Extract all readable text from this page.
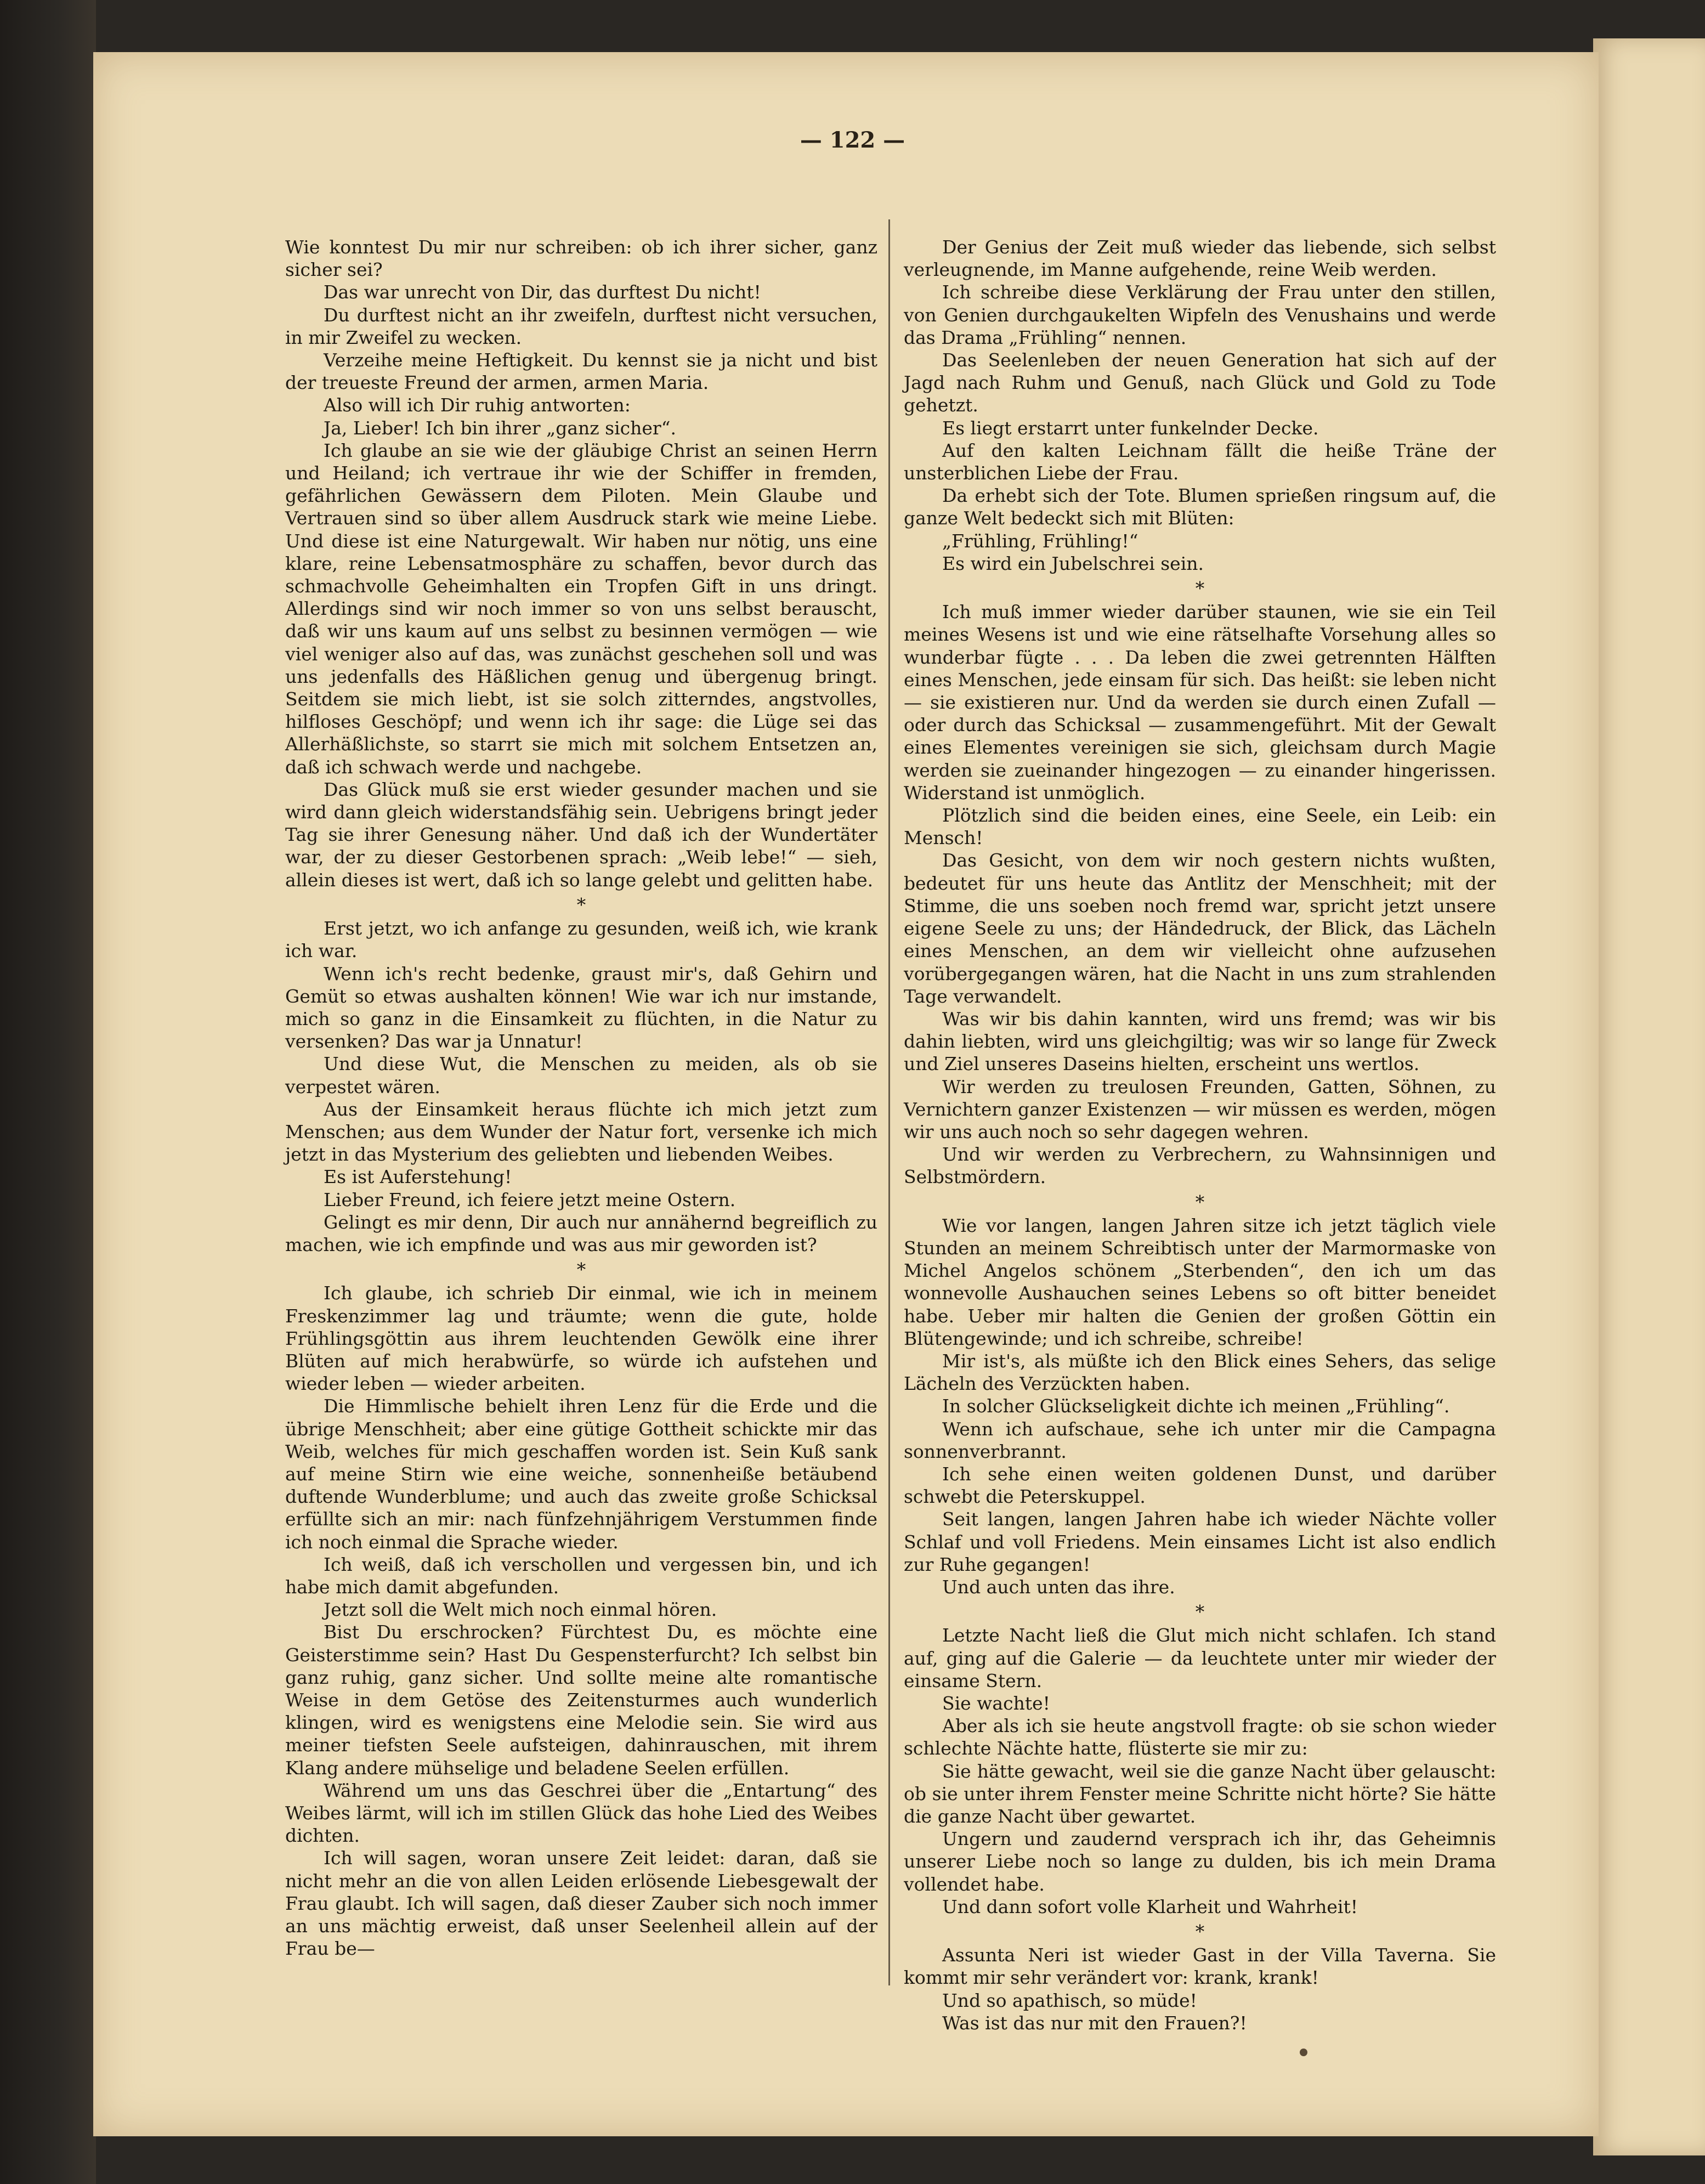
— 122 —

Wie konntest Du mir nur schreiben: ob ich ihrer sicher, ganz sicher sei?

Das war unrecht von Dir, das durftest Du nicht!

Du durftest nicht an ihr zweifeln, durftest nicht versuchen, in mir Zweifel zu wecken.

Verzeihe meine Heftigkeit. Du kennst sie ja nicht und bist der treueste Freund der armen, armen Maria.

Also will ich Dir ruhig antworten:

Ja, Lieber! Ich bin ihrer „ganz sicher“.

Ich glaube an sie wie der gläubige Christ an seinen Herrn und Heiland; ich vertraue ihr wie der Schiffer in fremden, gefährlichen Gewässern dem Piloten. Mein Glaube und Vertrauen sind so über allem Ausdruck stark wie meine Liebe. Und diese ist eine Naturgewalt. Wir haben nur nötig, uns eine klare, reine Lebensatmosphäre zu schaffen, bevor durch das schmachvolle Geheimhalten ein Tropfen Gift in uns dringt. Allerdings sind wir noch immer so von uns selbst berauscht, daß wir uns kaum auf uns selbst zu besinnen vermögen — wie viel weniger also auf das, was zunächst geschehen soll und was uns jedenfalls des Häßlichen genug und übergenug bringt. Seitdem sie mich liebt, ist sie solch zitterndes, angstvolles, hilfloses Geschöpf; und wenn ich ihr sage: die Lüge sei das Allerhäßlichste, so starrt sie mich mit solchem Entsetzen an, daß ich schwach werde und nachgebe.

Das Glück muß sie erst wieder gesunder machen und sie wird dann gleich widerstandsfähig sein. Uebrigens bringt jeder Tag sie ihrer Genesung näher. Und daß ich der Wundertäter war, der zu dieser Gestorbenen sprach: „Weib lebe!“ — sieh, allein dieses ist wert, daß ich so lange gelebt und gelitten habe.

*

Erst jetzt, wo ich anfange zu gesunden, weiß ich, wie krank ich war.

Wenn ich's recht bedenke, graust mir's, daß Gehirn und Gemüt so etwas aushalten können! Wie war ich nur imstande, mich so ganz in die Einsamkeit zu flüchten, in die Natur zu versenken? Das war ja Unnatur!

Und diese Wut, die Menschen zu meiden, als ob sie verpestet wären.

Aus der Einsamkeit heraus flüchte ich mich jetzt zum Menschen; aus dem Wunder der Natur fort, versenke ich mich jetzt in das Mysterium des geliebten und liebenden Weibes.

Es ist Auferstehung!

Lieber Freund, ich feiere jetzt meine Ostern.

Gelingt es mir denn, Dir auch nur annähernd begreiflich zu machen, wie ich empfinde und was aus mir geworden ist?

*

Ich glaube, ich schrieb Dir einmal, wie ich in meinem Freskenzimmer lag und träumte; wenn die gute, holde Frühlingsgöttin aus ihrem leuchtenden Gewölk eine ihrer Blüten auf mich herabwürfe, so würde ich aufstehen und wieder leben — wieder arbeiten.

Die Himmlische behielt ihren Lenz für die Erde und die übrige Menschheit; aber eine gütige Gottheit schickte mir das Weib, welches für mich geschaffen worden ist. Sein Kuß sank auf meine Stirn wie eine weiche, sonnenheiße betäubend duftende Wunderblume; und auch das zweite große Schicksal erfüllte sich an mir: nach fünfzehnjährigem Verstummen finde ich noch einmal die Sprache wieder.

Ich weiß, daß ich verschollen und vergessen bin, und ich habe mich damit abgefunden.

Jetzt soll die Welt mich noch einmal hören.

Bist Du erschrocken? Fürchtest Du, es möchte eine Geisterstimme sein? Hast Du Gespensterfurcht? Ich selbst bin ganz ruhig, ganz sicher. Und sollte meine alte romantische Weise in dem Getöse des Zeitensturmes auch wunderlich klingen, wird es wenigstens eine Melodie sein. Sie wird aus meiner tiefsten Seele aufsteigen, dahinrauschen, mit ihrem Klang andere mühselige und beladene Seelen erfüllen.

Während um uns das Geschrei über die „Entartung“ des Weibes lärmt, will ich im stillen Glück das hohe Lied des Weibes dichten.

Ich will sagen, woran unsere Zeit leidet: daran, daß sie nicht mehr an die von allen Leiden erlösende Liebesgewalt der Frau glaubt. Ich will sagen, daß dieser Zauber sich noch immer an uns mächtig erweist, daß unser Seelenheil allein auf der Frau be—

Der Genius der Zeit muß wieder das liebende, sich selbst verleugnende, im Manne aufgehende, reine Weib werden.

Ich schreibe diese Verklärung der Frau unter den stillen, von Genien durchgaukelten Wipfeln des Venushains und werde das Drama „Frühling“ nennen.

Das Seelenleben der neuen Generation hat sich auf der Jagd nach Ruhm und Genuß, nach Glück und Gold zu Tode gehetzt.

Es liegt erstarrt unter funkelnder Decke.

Auf den kalten Leichnam fällt die heiße Träne der unsterblichen Liebe der Frau.

Da erhebt sich der Tote. Blumen sprießen ringsum auf, die ganze Welt bedeckt sich mit Blüten:

„Frühling, Frühling!“

Es wird ein Jubelschrei sein.

*

Ich muß immer wieder darüber staunen, wie sie ein Teil meines Wesens ist und wie eine rätselhafte Vorsehung alles so wunderbar fügte . . . Da leben die zwei getrennten Hälften eines Menschen, jede einsam für sich. Das heißt: sie leben nicht — sie existieren nur. Und da werden sie durch einen Zufall — oder durch das Schicksal — zusammengeführt. Mit der Gewalt eines Elementes vereinigen sie sich, gleichsam durch Magie werden sie zueinander hingezogen — zu einander hingerissen. Widerstand ist unmöglich.

Plötzlich sind die beiden eines, eine Seele, ein Leib: ein Mensch!

Das Gesicht, von dem wir noch gestern nichts wußten, bedeutet für uns heute das Antlitz der Menschheit; mit der Stimme, die uns soeben noch fremd war, spricht jetzt unsere eigene Seele zu uns; der Händedruck, der Blick, das Lächeln eines Menschen, an dem wir vielleicht ohne aufzusehen vorübergegangen wären, hat die Nacht in uns zum strahlenden Tage verwandelt.

Was wir bis dahin kannten, wird uns fremd; was wir bis dahin liebten, wird uns gleichgiltig; was wir so lange für Zweck und Ziel unseres Daseins hielten, erscheint uns wertlos.

Wir werden zu treulosen Freunden, Gatten, Söhnen, zu Vernichtern ganzer Existenzen — wir müssen es werden, mögen wir uns auch noch so sehr dagegen wehren.

Und wir werden zu Verbrechern, zu Wahnsinnigen und Selbstmördern.

*

Wie vor langen, langen Jahren sitze ich jetzt täglich viele Stunden an meinem Schreibtisch unter der Marmormaske von Michel Angelos schönem „Sterbenden“, den ich um das wonnevolle Aushauchen seines Lebens so oft bitter beneidet habe. Ueber mir halten die Genien der großen Göttin ein Blütengewinde; und ich schreibe, schreibe!

Mir ist's, als müßte ich den Blick eines Sehers, das selige Lächeln des Verzückten haben.

In solcher Glückseligkeit dichte ich meinen „Frühling“.

Wenn ich aufschaue, sehe ich unter mir die Campagna sonnenverbrannt.

Ich sehe einen weiten goldenen Dunst, und darüber schwebt die Peterskuppel.

Seit langen, langen Jahren habe ich wieder Nächte voller Schlaf und voll Friedens. Mein einsames Licht ist also endlich zur Ruhe gegangen!

Und auch unten das ihre.

*

Letzte Nacht ließ die Glut mich nicht schlafen. Ich stand auf, ging auf die Galerie — da leuchtete unter mir wieder der einsame Stern.

Sie wachte!

Aber als ich sie heute angstvoll fragte: ob sie schon wieder schlechte Nächte hatte, flüsterte sie mir zu:

Sie hätte gewacht, weil sie die ganze Nacht über gelauscht: ob sie unter ihrem Fenster meine Schritte nicht hörte? Sie hätte die ganze Nacht über gewartet.

Ungern und zaudernd versprach ich ihr, das Geheimnis unserer Liebe noch so lange zu dulden, bis ich mein Drama vollendet habe.

Und dann sofort volle Klarheit und Wahrheit!

*

Assunta Neri ist wieder Gast in der Villa Taverna. Sie kommt mir sehr verändert vor: krank, krank!

Und so apathisch, so müde!

Was ist das nur mit den Frauen?!
